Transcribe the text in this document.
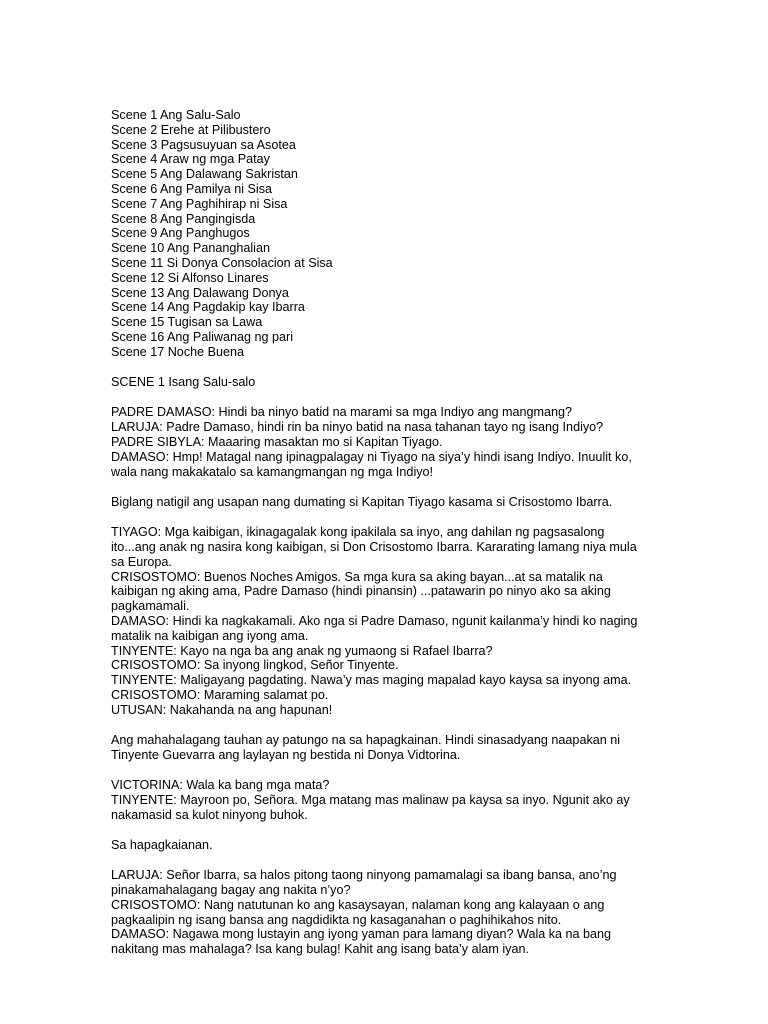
Scene 1 Ang Salu-Salo

Scene 2 Erehe at Pilibustero

Scene 3 Pagsusuyuan sa Asotea

Scene 4 Araw ng mga Patay

Scene 5 Ang Dalawang Sakristan

Scene 6 Ang Pamilya ni Sisa

Scene 7 Ang Paghihirap ni Sisa

Scene 8 Ang Pangingisda

Scene 9 Ang Panghugos

Scene 10 Ang Pananghalian

Scene 11 Si Donya Consolacion at Sisa

Scene 12 Si Alfonso Linares

Scene 13 Ang Dalawang Donya

Scene 14 Ang Pagdakip kay Ibarra

Scene 15 Tugisan sa Lawa

Scene 16 Ang Paliwanag ng pari

Scene 17 Noche Buena

SCENE 1 Isang Salu-salo

PADRE DAMASO: Hindi ba ninyo batid na marami sa mga Indiyo ang mangmang?

LARUJA: Padre Damaso, hindi rin ba ninyo batid na nasa tahanan tayo ng isang Indiyo?

PADRE SIBYLA: Maaaring masaktan mo si Kapitan Tiyago.

DAMASO: Hmp! Matagal nang ipinagpalagay ni Tiyago na siya’y hindi isang Indiyo. Inuulit ko,

wala nang makakatalo sa kamangmangan ng mga Indiyo!

Biglang natigil ang usapan nang dumating si Kapitan Tiyago kasama si Crisostomo Ibarra.

TIYAGO: Mga kaibigan, ikinagagalak kong ipakilala sa inyo, ang dahilan ng pagsasalong

ito...ang anak ng nasira kong kaibigan, si Don Crisostomo Ibarra. Kararating lamang niya mula

sa Europa.

CRISOSTOMO: Buenos Noches Amigos. Sa mga kura sa aking bayan...at sa matalik na

kaibigan ng aking ama, Padre Damaso (hindi pinansin) ...patawarin po ninyo ako sa aking

pagkamamali.

DAMASO: Hindi ka nagkakamali. Ako nga si Padre Damaso, ngunit kailanma’y hindi ko naging

matalik na kaibigan ang iyong ama.

TINYENTE: Kayo na nga ba ang anak ng yumaong si Rafael Ibarra?

CRISOSTOMO: Sa inyong lingkod, Señor Tinyente.

TINYENTE: Maligayang pagdating. Nawa’y mas maging mapalad kayo kaysa sa inyong ama.

CRISOSTOMO: Maraming salamat po.

UTUSAN: Nakahanda na ang hapunan!

Ang mahahalagang tauhan ay patungo na sa hapagkainan. Hindi sinasadyang naapakan ni

Tinyente Guevarra ang laylayan ng bestida ni Donya Vidtorina.

VICTORINA: Wala ka bang mga mata?

TINYENTE: Mayroon po, Señora. Mga matang mas malinaw pa kaysa sa inyo. Ngunit ako ay

nakamasid sa kulot ninyong buhok.

Sa hapagkaianan.

LARUJA: Señor Ibarra, sa halos pitong taong ninyong pamamalagi sa ibang bansa, ano’ng

pinakamahalagang bagay ang nakita n’yo?

CRISOSTOMO: Nang natutunan ko ang kasaysayan, nalaman kong ang kalayaan o ang

pagkaalipin ng isang bansa ang nagdidikta ng kasaganahan o paghihikahos nito.

DAMASO: Nagawa mong lustayin ang iyong yaman para lamang diyan? Wala ka na bang

nakitang mas mahalaga? Isa kang bulag! Kahit ang isang bata’y alam iyan.
